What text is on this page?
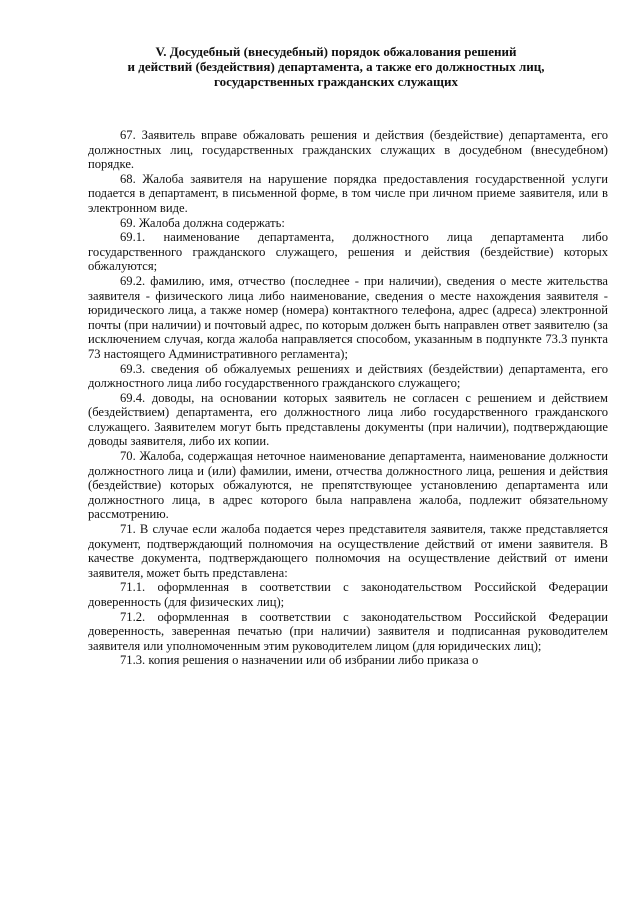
V. Досудебный (внесудебный) порядок обжалования решений
и действий (бездействия) департамента, а также его должностных лиц,
государственных гражданских служащих

67. Заявитель вправе обжаловать решения и действия (бездействие) департамента, его должностных лиц, государственных гражданских служащих в досудебном (внесудебном) порядке.

68. Жалоба заявителя на нарушение порядка предоставления государственной услуги подается в департамент, в письменной форме, в том числе при личном приеме заявителя, или в электронном виде.

69. Жалоба должна содержать:

69.1. наименование департамента, должностного лица департамента либо государственного гражданского служащего, решения и действия (бездействие) которых обжалуются;

69.2. фамилию, имя, отчество (последнее - при наличии), сведения о месте жительства заявителя - физического лица либо наименование, сведения о месте нахождения заявителя - юридического лица, а также номер (номера) контактного телефона, адрес (адреса) электронной почты (при наличии) и почтовый адрес, по которым должен быть направлен ответ заявителю (за исключением случая, когда жалоба направляется способом, указанным в подпункте 73.3 пункта 73 настоящего Административного регламента);

69.3. сведения об обжалуемых решениях и действиях (бездействии) департамента, его должностного лица либо государственного гражданского служащего;

69.4. доводы, на основании которых заявитель не согласен с решением и действием (бездействием) департамента, его должностного лица либо государственного гражданского служащего. Заявителем могут быть представлены документы (при наличии), подтверждающие доводы заявителя, либо их копии.

70. Жалоба, содержащая неточное наименование департамента, наименование должности должностного лица и (или) фамилии, имени, отчества должностного лица, решения и действия (бездействие) которых обжалуются, не препятствующее установлению департамента или должностного лица, в адрес которого была направлена жалоба, подлежит обязательному рассмотрению.

71. В случае если жалоба подается через представителя заявителя, также представляется документ, подтверждающий полномочия на осуществление действий от имени заявителя. В качестве документа, подтверждающего полномочия на осуществление действий от имени заявителя, может быть представлена:

71.1. оформленная в соответствии с законодательством Российской Федерации доверенность (для физических лиц);

71.2. оформленная в соответствии с законодательством Российской Федерации доверенность, заверенная печатью (при наличии) заявителя и подписанная руководителем заявителя или уполномоченным этим руководителем лицом (для юридических лиц);

71.3. копия решения о назначении или об избрании либо приказа о
